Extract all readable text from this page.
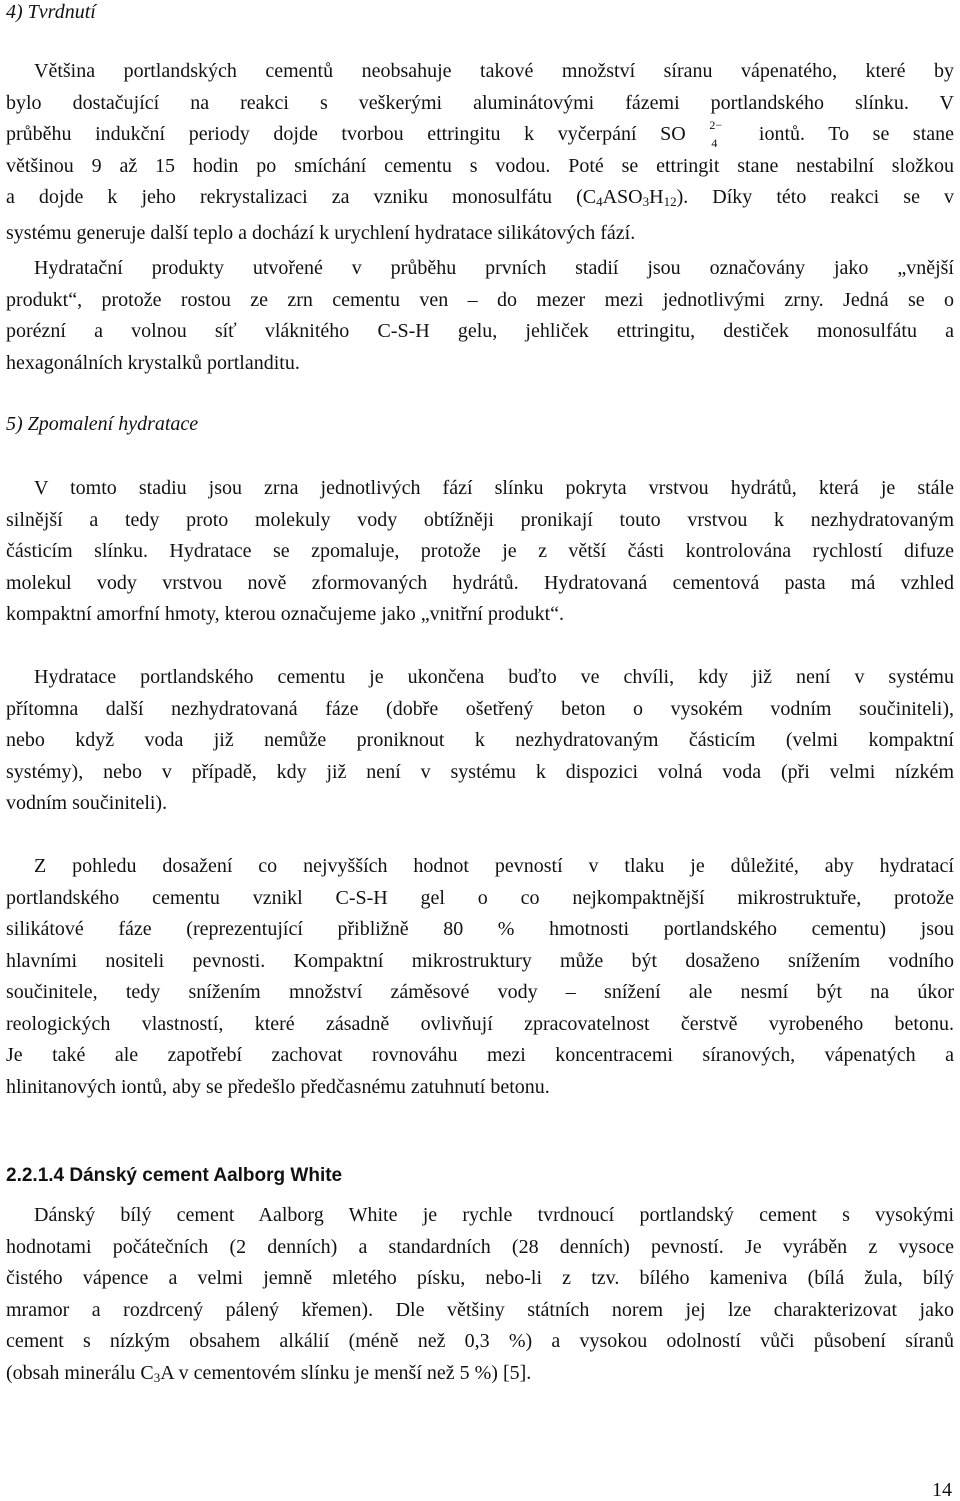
4) Tvrdnutí
Většina portlandských cementů neobsahuje takové množství síranu vápenatého, které by
bylo dostačující na reakci s veškerými aluminátovými fázemi portlandského slínku. V
průběhu indukční periody dojde tvorbou ettringitu k vyčerpání SO 2−
4 iontů. To se stane
většinou 9 až 15 hodin po smíchání cementu s vodou. Poté se ettringit stane nestabilní složkou
a dojde k jeho rekrystalizaci za vzniku monosulfátu $(C_4ASO_3H_{12})$. Díky této reakci se v
systému generuje další teplo a dochází k urychlení hydratace silikátových fází.
Hydratační produkty utvořené v průběhu prvních stadií jsou označovány jako „vnější
produkt“, protože rostou ze zrn cementu ven – do mezer mezi jednotlivými zrny. Jedná se o
porézní a volnou síť vláknitého C-S-H gelu, jehliček ettringitu, destiček monosulfátu a
hexagonálních krystalků portlanditu.
5) Zpomalení hydratace
V tomto stadiu jsou zrna jednotlivých fází slínku pokryta vrstvou hydrátů, která je stále
silnější a tedy proto molekuly vody obtížněji pronikají touto vrstvou k nezhydratovaným
částicím slínku. Hydratace se zpomaluje, protože je z větší části kontrolována rychlostí difuze
molekul vody vrstvou nově zformovaných hydrátů. Hydratovaná cementová pasta má vzhled
kompaktní amorfní hmoty, kterou označujeme jako „vnitřní produkt“.
Hydratace portlandského cementu je ukončena buďto ve chvíli, kdy již není v systému
přítomna další nezhydratovaná fáze (dobře ošetřený beton o vysokém vodním součiniteli),
nebo když voda již nemůže proniknout k nezhydratovaným částicím (velmi kompaktní
systémy), nebo v případě, kdy již není v systému k dispozici volná voda (při velmi nízkém
vodním součiniteli).
Z pohledu dosažení co nejvyšších hodnot pevností v tlaku je důležité, aby hydratací
portlandského cementu vznikl C-S-H gel o co nejkompaktnější mikrostruktuře, protože
silikátové fáze (reprezentující přibližně 80 % hmotnosti portlandského cementu) jsou
hlavními nositeli pevnosti. Kompaktní mikrostruktury může být dosaženo snížením vodního
součinitele, tedy snížením množství záměsové vody – snížení ale nesmí být na úkor
reologických vlastností, které zásadně ovlivňují zpracovatelnost čerstvě vyrobeného betonu.
Je také ale zapotřebí zachovat rovnováhu mezi koncentracemi síranových, vápenatých a
hlinitanových iontů, aby se předešlo předčasnému zatuhnutí betonu.
2.2.1.4 Dánský cement Aalborg White
Dánský bílý cement Aalborg White je rychle tvrdnoucí portlandský cement s vysokými
hodnotami počátečních (2 denních) a standardních (28 denních) pevností. Je vyráběn z vysoce
čistého vápence a velmi jemně mletého písku, nebo-li z tzv. bílého kameniva (bílá žula, bílý
mramor a rozdrcený pálený křemen). Dle většiny státních norem jej lze charakterizovat jako
cement s nízkým obsahem alkálií (méně než 0,3 %) a vysokou odolností vůči působení síranů
(obsah minerálu $C_3A$ v cementovém slínku je menší než 5 %) [5].
14
